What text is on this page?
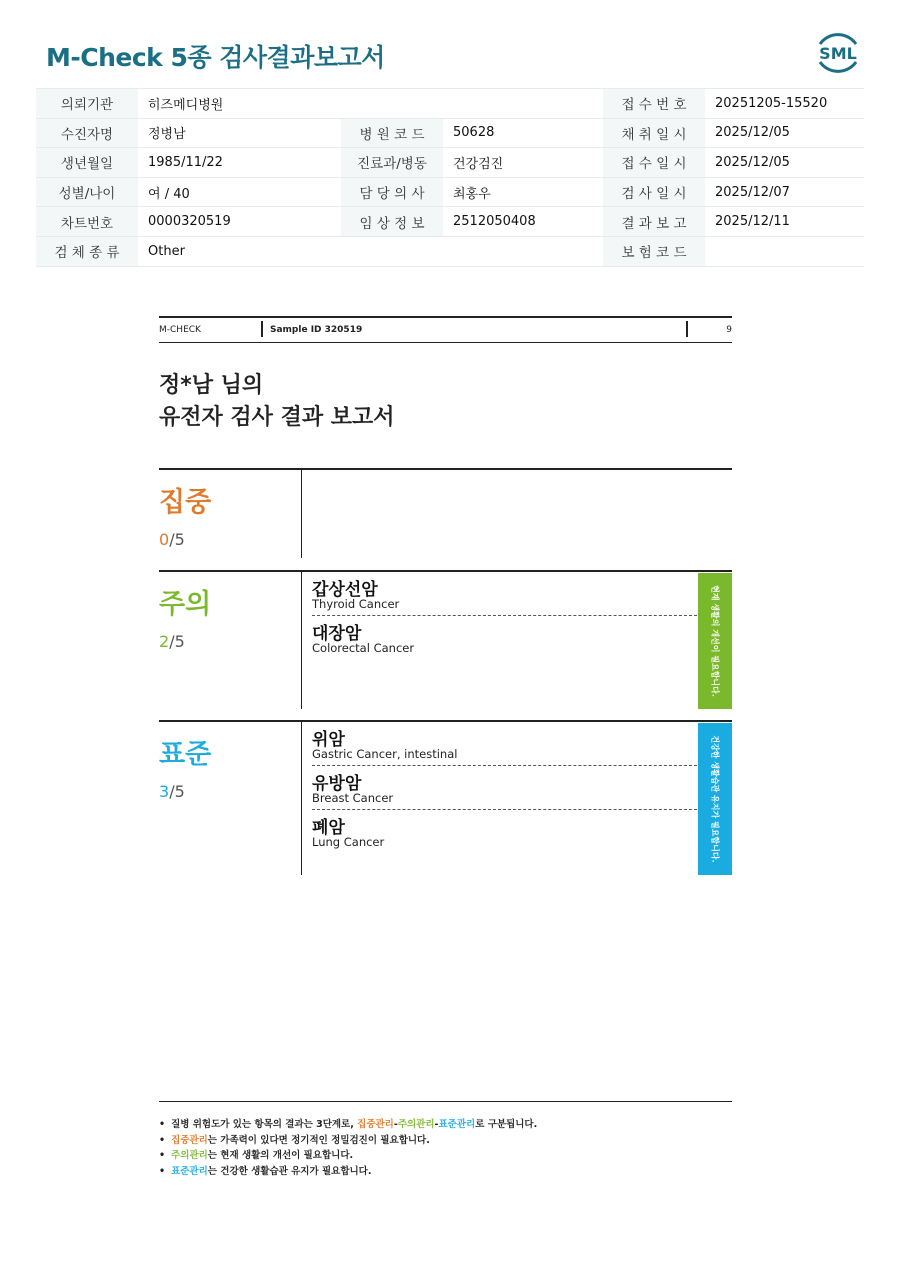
M-Check 5종 검사결과보고서	SML
의뢰기관	히즈메디병원			접 수 번 호	20251205-15520
수진자명	정병남	병 원 코 드	50628	채 취 일 시	2025/12/05
생년월일	1985/11/22	진료과/병동	건강검진	접 수 일 시	2025/12/05
성별/나이	여 / 40	담 당 의 사	최홍우	검 사 일 시	2025/12/07
차트번호	0000320519	임 상 정 보	2512050408	결 과 보 고	2025/12/11
검 체 종 류	Other			보 험 코 드	
M-CHECK	Sample ID 320519	9
정*남 님의
유전자 검사 결과 보고서

집중

0/5

주의

2/5
갑상선암
Thyroid Cancer
대장암
Colorectal Cancer	현재 생활의 개선이 필요합니다.

표준

3/5
위암
Gastric Cancer, intestinal
유방암
Breast Cancer
폐암
Lung Cancer	건강한 생활습관 유지가 필요합니다.
• 질병 위험도가 있는 항목의 결과는 3단계로, 집중관리-주의관리-표준관리로 구분됩니다.
• 집중관리는 가족력이 있다면 정기적인 정밀검진이 필요합니다.
• 주의관리는 현재 생활의 개선이 필요합니다.
• 표준관리는 건강한 생활습관 유지가 필요합니다.
